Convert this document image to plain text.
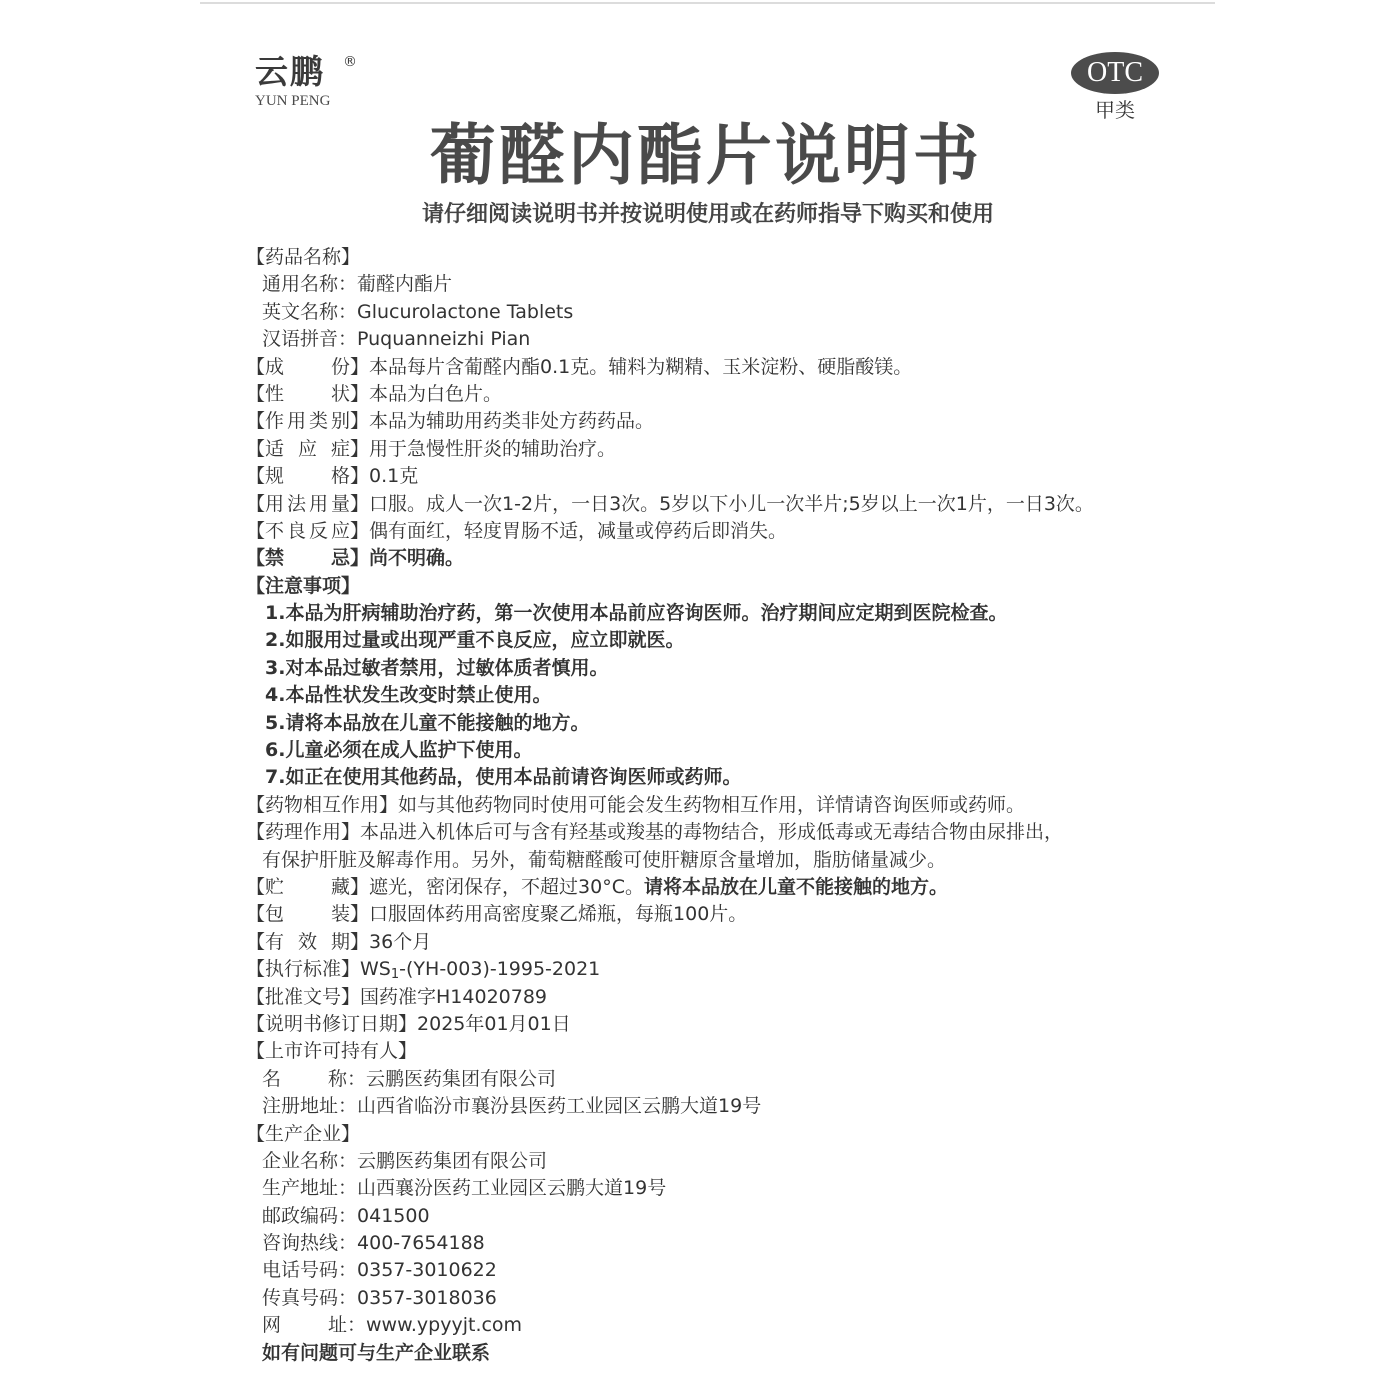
云鹏	®
YUN PENG
OTC
甲类
葡醛内酯片说明书
请仔细阅读说明书并按说明使用或在药师指导下购买和使用
【药品名称】
通用名称：葡醛内酯片
英文名称：Glucurolactone Tablets
汉语拼音：Puquanneizhi Pian
【成份】本品每片含葡醛内酯0.1克。辅料为糊精、玉米淀粉、硬脂酸镁。
【性状】本品为白色片。
【作用类别】本品为辅助用药类非处方药药品。
【适应症】用于急慢性肝炎的辅助治疗。
【规格】0.1克
【用法用量】口服。成人一次1-2片，一日3次。5岁以下小儿一次半片;5岁以上一次1片，一日3次。
【不良反应】偶有面红，轻度胃肠不适，减量或停药后即消失。
【禁忌】尚不明确。
【注意事项】
1.本品为肝病辅助治疗药，第一次使用本品前应咨询医师。治疗期间应定期到医院检查。
2.如服用过量或出现严重不良反应，应立即就医。
3.对本品过敏者禁用，过敏体质者慎用。
4.本品性状发生改变时禁止使用。
5.请将本品放在儿童不能接触的地方。
6.儿童必须在成人监护下使用。
7.如正在使用其他药品，使用本品前请咨询医师或药师。
【药物相互作用】如与其他药物同时使用可能会发生药物相互作用，详情请咨询医师或药师。
【药理作用】本品进入机体后可与含有羟基或羧基的毒物结合，形成低毒或无毒结合物由尿排出，
有保护肝脏及解毒作用。另外，葡萄糖醛酸可使肝糖原含量增加，脂肪储量减少。
【贮藏】遮光，密闭保存，不超过30°C。请将本品放在儿童不能接触的地方。
【包装】口服固体药用高密度聚乙烯瓶，每瓶100片。
【有效期】36个月
【执行标准】$WS_1-(YH-003)-1995-2021$
【批准文号】国药准字H14020789
【说明书修订日期】2025年01月01日
【上市许可持有人】
名称：云鹏医药集团有限公司
注册地址：山西省临汾市襄汾县医药工业园区云鹏大道19号
【生产企业】
企业名称：云鹏医药集团有限公司
生产地址：山西襄汾医药工业园区云鹏大道19号
邮政编码：041500
咨询热线：400-7654188
电话号码：0357-3010622
传真号码：0357-3018036
网址：www.ypyyjt.com
如有问题可与生产企业联系
